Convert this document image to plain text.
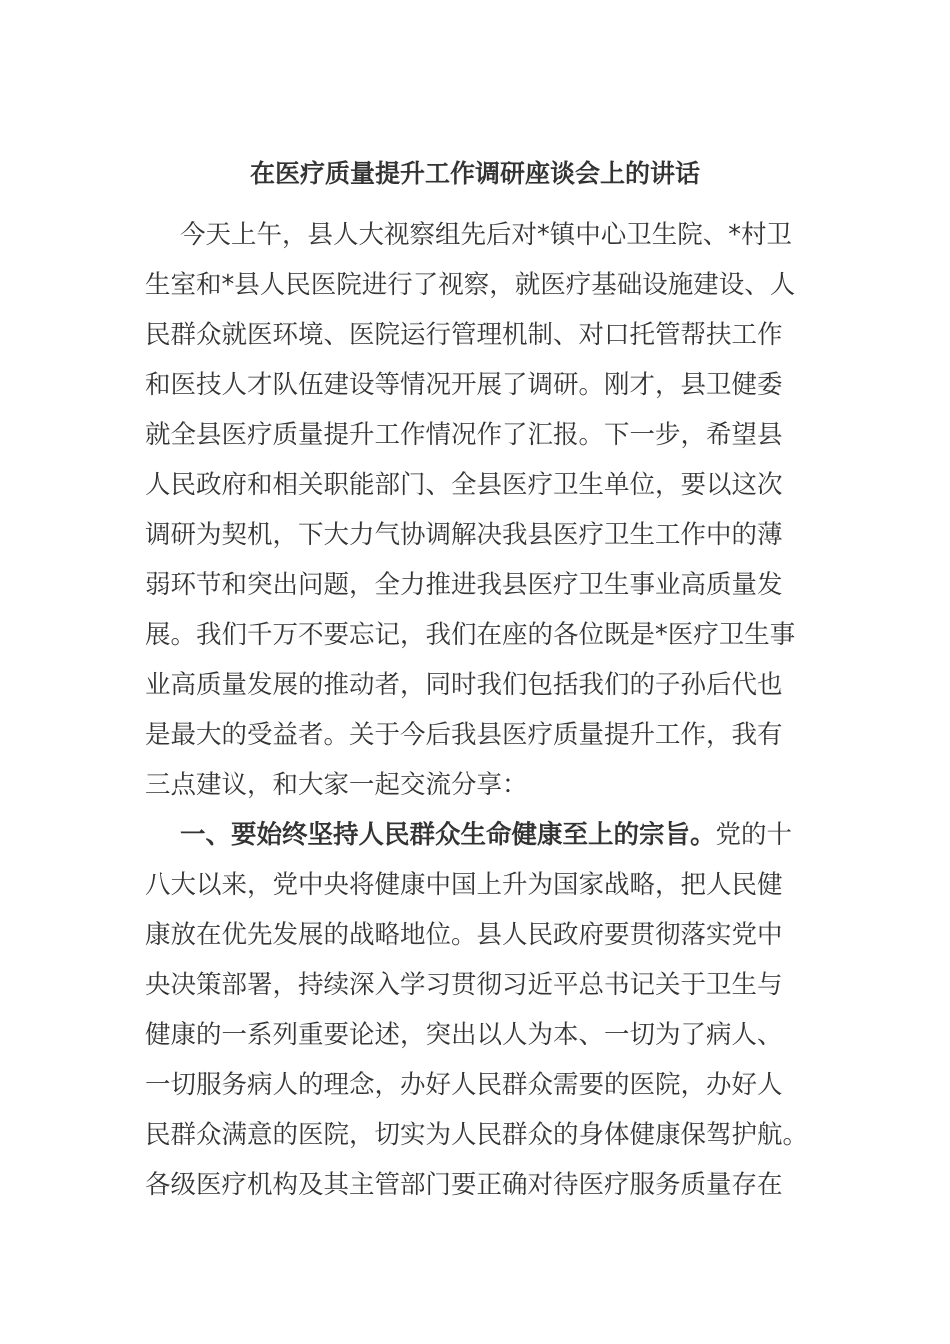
在医疗质量提升工作调研座谈会上的讲话
今天上午，县人大视察组先后对*镇中心卫生院、*村卫
生室和*县人民医院进行了视察，就医疗基础设施建设、人
民群众就医环境、医院运行管理机制、对口托管帮扶工作
和医技人才队伍建设等情况开展了调研。刚才，县卫健委
就全县医疗质量提升工作情况作了汇报。下一步，希望县
人民政府和相关职能部门、全县医疗卫生单位，要以这次
调研为契机，下大力气协调解决我县医疗卫生工作中的薄
弱环节和突出问题，全力推进我县医疗卫生事业高质量发
展。我们千万不要忘记，我们在座的各位既是*医疗卫生事
业高质量发展的推动者，同时我们包括我们的子孙后代也
是最大的受益者。关于今后我县医疗质量提升工作，我有
三点建议，和大家一起交流分享：
一、要始终坚持人民群众生命健康至上的宗旨。党的十
八大以来，党中央将健康中国上升为国家战略，把人民健
康放在优先发展的战略地位。县人民政府要贯彻落实党中
央决策部署，持续深入学习贯彻习近平总书记关于卫生与
健康的一系列重要论述，突出以人为本、一切为了病人、
一切服务病人的理念，办好人民群众需要的医院，办好人
民群众满意的医院，切实为人民群众的身体健康保驾护航。
各级医疗机构及其主管部门要正确对待医疗服务质量存在
